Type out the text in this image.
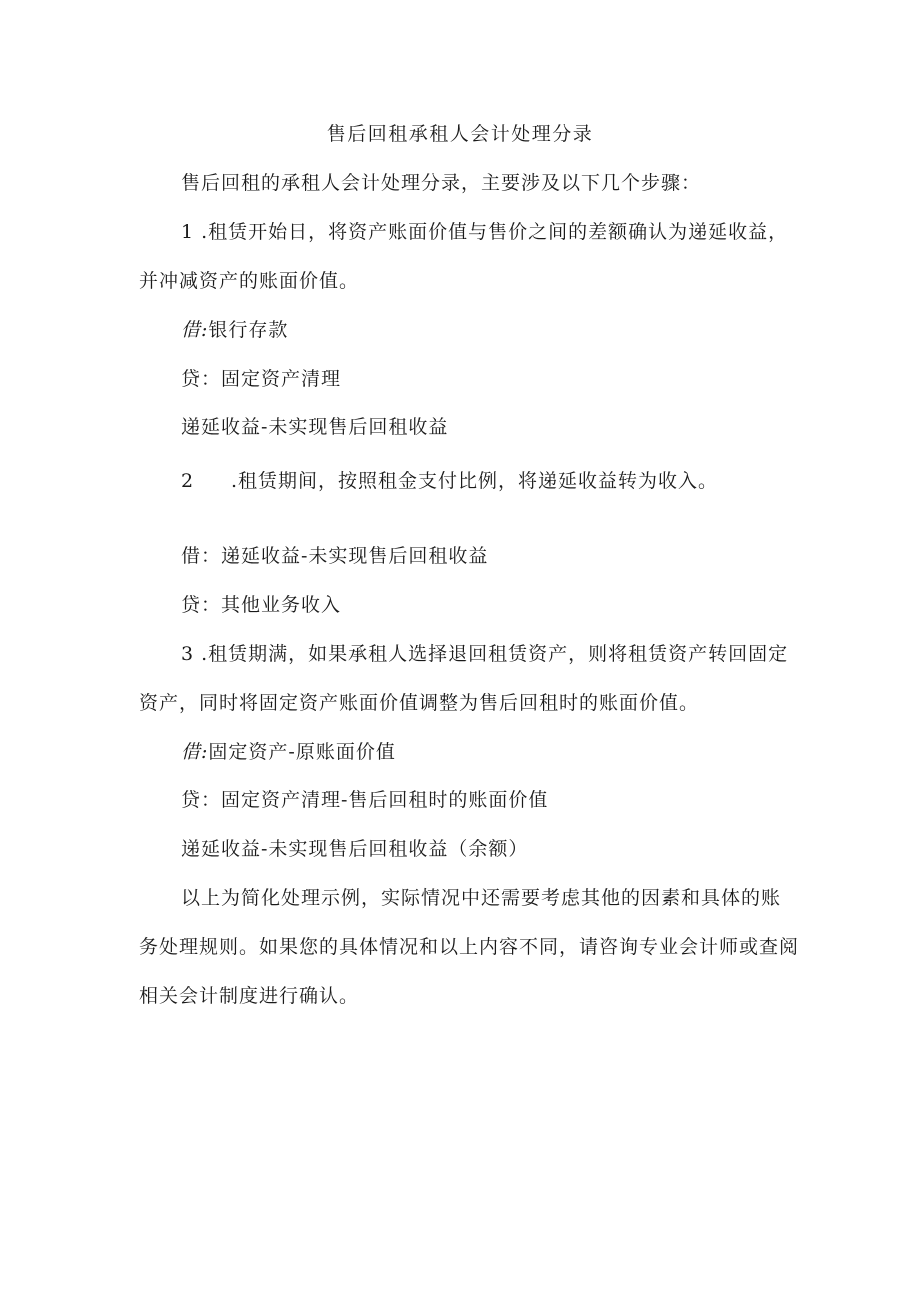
售后回租承租人会计处理分录
售后回租的承租人会计处理分录，主要涉及以下几个步骤：
1 .租赁开始日，将资产账面价值与售价之间的差额确认为递延收益，
并冲减资产的账面价值。
借:银行存款
贷：固定资产清理
递延收益-未实现售后回租收益
2 .租赁期间，按照租金支付比例，将递延收益转为收入。
借：递延收益-未实现售后回租收益
贷：其他业务收入
3 .租赁期满，如果承租人选择退回租赁资产，则将租赁资产转回固定
资产，同时将固定资产账面价值调整为售后回租时的账面价值。
借:固定资产-原账面价值
贷：固定资产清理-售后回租时的账面价值
递延收益-未实现售后回租收益（余额）
以上为简化处理示例，实际情况中还需要考虑其他的因素和具体的账
务处理规则。如果您的具体情况和以上内容不同，请咨询专业会计师或查阅
相关会计制度进行确认。
